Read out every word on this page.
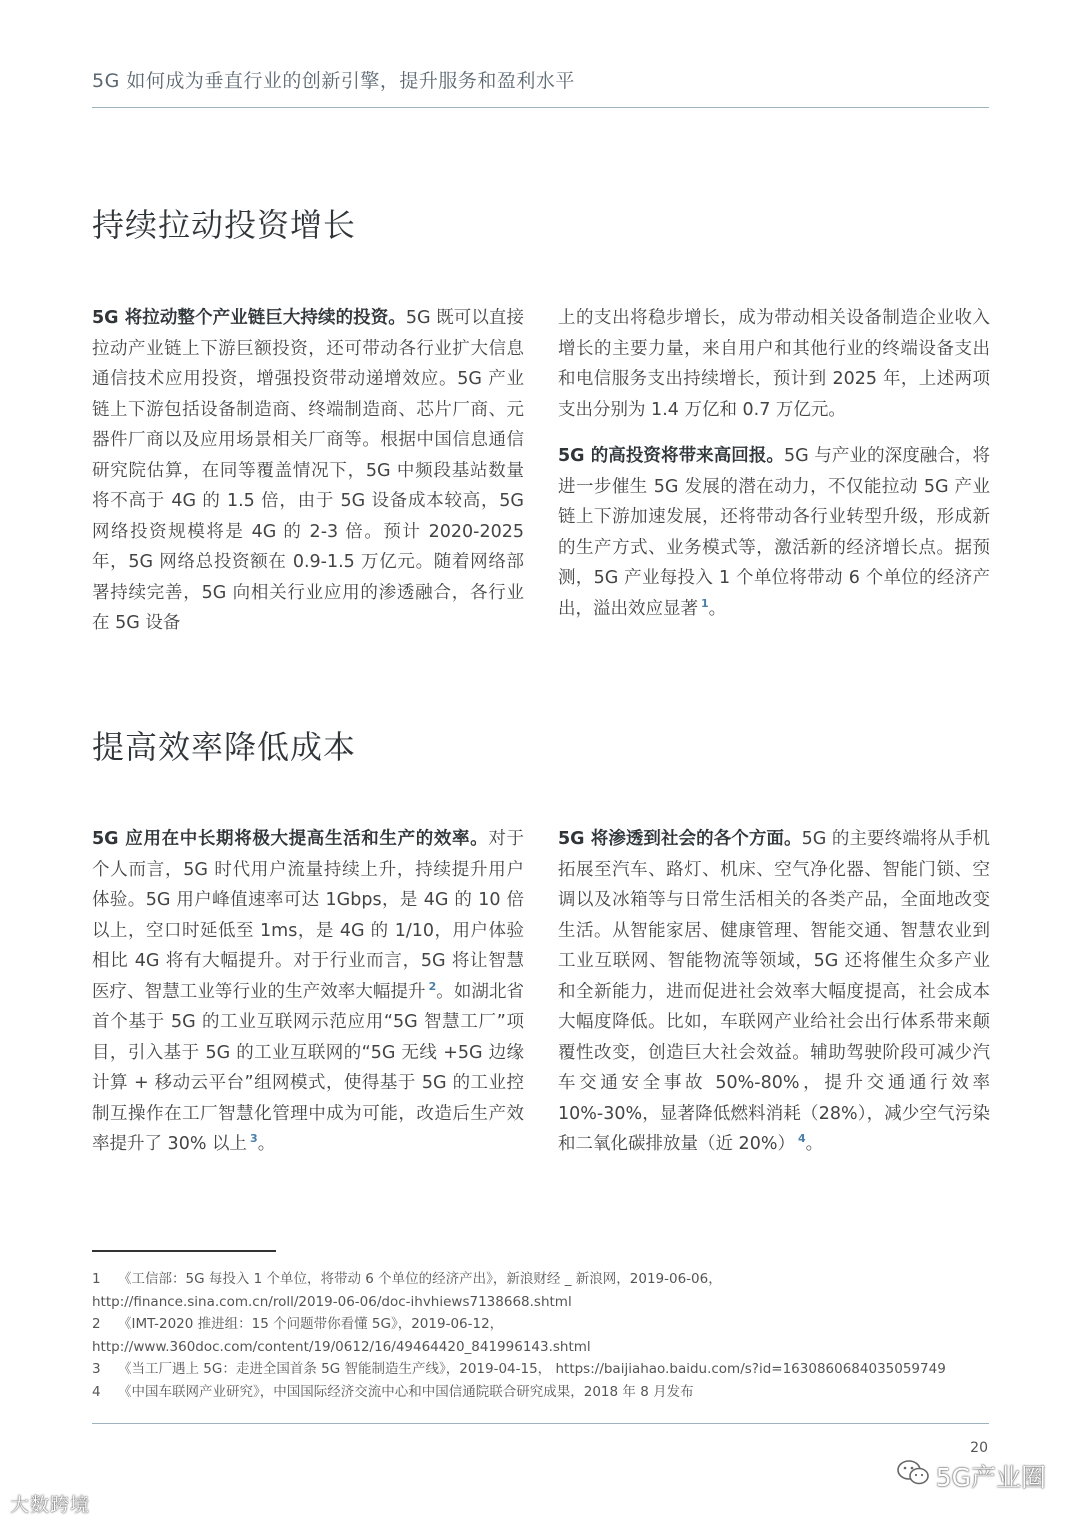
5G 如何成为垂直行业的创新引擎，提升服务和盈利水平
持续拉动投资增长

5G 将拉动整个产业链巨大持续的投资。5G 既可以直接拉动产业链上下游巨额投资，还可带动各行业扩大信息通信技术应用投资，增强投资带动递增效应。5G 产业链上下游包括设备制造商、终端制造商、芯片厂商、元器件厂商以及应用场景相关厂商等。根据中国信息通信研究院估算，在同等覆盖情况下，5G 中频段基站数量将不高于 4G 的 1.5 倍，由于 5G 设备成本较高，5G 网络投资规模将是 4G 的 2-3 倍。预计 2020-2025 年，5G 网络总投资额在 0.9-1.5 万亿元。随着网络部署持续完善，5G 向相关行业应用的渗透融合，各行业在 5G 设备

上的支出将稳步增长，成为带动相关设备制造企业收入增长的主要力量，来自用户和其他行业的终端设备支出和电信服务支出持续增长，预计到 2025 年，上述两项支出分别为 1.4 万亿和 0.7 万亿元。

5G 的高投资将带来高回报。5G 与产业的深度融合，将进一步催生 5G 发展的潜在动力，不仅能拉动 5G 产业链上下游加速发展，还将带动各行业转型升级，形成新的生产方式、业务模式等，激活新的经济增长点。据预测，5G 产业每投入 1 个单位将带动 6 个单位的经济产出，溢出效应显著 $^1$。

提高效率降低成本

5G 应用在中长期将极大提高生活和生产的效率。对于个人而言，5G 时代用户流量持续上升，持续提升用户体验。5G 用户峰值速率可达 1Gbps，是 4G 的 10 倍以上，空口时延低至 1ms，是 4G 的 1/10，用户体验相比 4G 将有大幅提升。对于行业而言，5G 将让智慧医疗、智慧工业等行业的生产效率大幅提升 $^2$。如湖北省首个基于 5G 的工业互联网示范应用“5G 智慧工厂”项目，引入基于 5G 的工业互联网的“5G 无线 +5G 边缘计算 + 移动云平台”组网模式，使得基于 5G 的工业控制互操作在工厂智慧化管理中成为可能，改造后生产效率提升了 30% 以上 $^3$。

5G 将渗透到社会的各个方面。5G 的主要终端将从手机拓展至汽车、路灯、机床、空气净化器、智能门锁、空调以及冰箱等与日常生活相关的各类产品，全面地改变生活。从智能家居、健康管理、智能交通、智慧农业到工业互联网、智能物流等领域，5G 还将催生众多产业和全新能力，进而促进社会效率大幅度提高，社会成本大幅度降低。比如，车联网产业给社会出行体系带来颠覆性改变，创造巨大社会效益。辅助驾驶阶段可减少汽车交通安全事故 50%-80%，提升交通通行效率 10%-30%，显著降低燃料消耗（28%），减少空气污染和二氧化碳排放量（近 20%） $^4$。

1 《工信部：5G 每投入 1 个单位，将带动 6 个单位的经济产出》，新浪财经 _ 新浪网，2019-06-06，
http://finance.sina.com.cn/roll/2019-06-06/doc-ihvhiews7138668.shtml
2 《IMT-2020 推进组：15 个问题带你看懂 5G》，2019-06-12，
http://www.360doc.com/content/19/0612/16/49464420_841996143.shtml
3 《当工厂遇上 5G：走进全国首条 5G 智能制造生产线》，2019-04-15， https://baijiahao.baidu.com/s?id=1630860684035059749
4 《中国车联网产业研究》，中国国际经济交流中心和中国信通院联合研究成果，2018 年 8 月发布
20
大数跨境
5G产业圈
